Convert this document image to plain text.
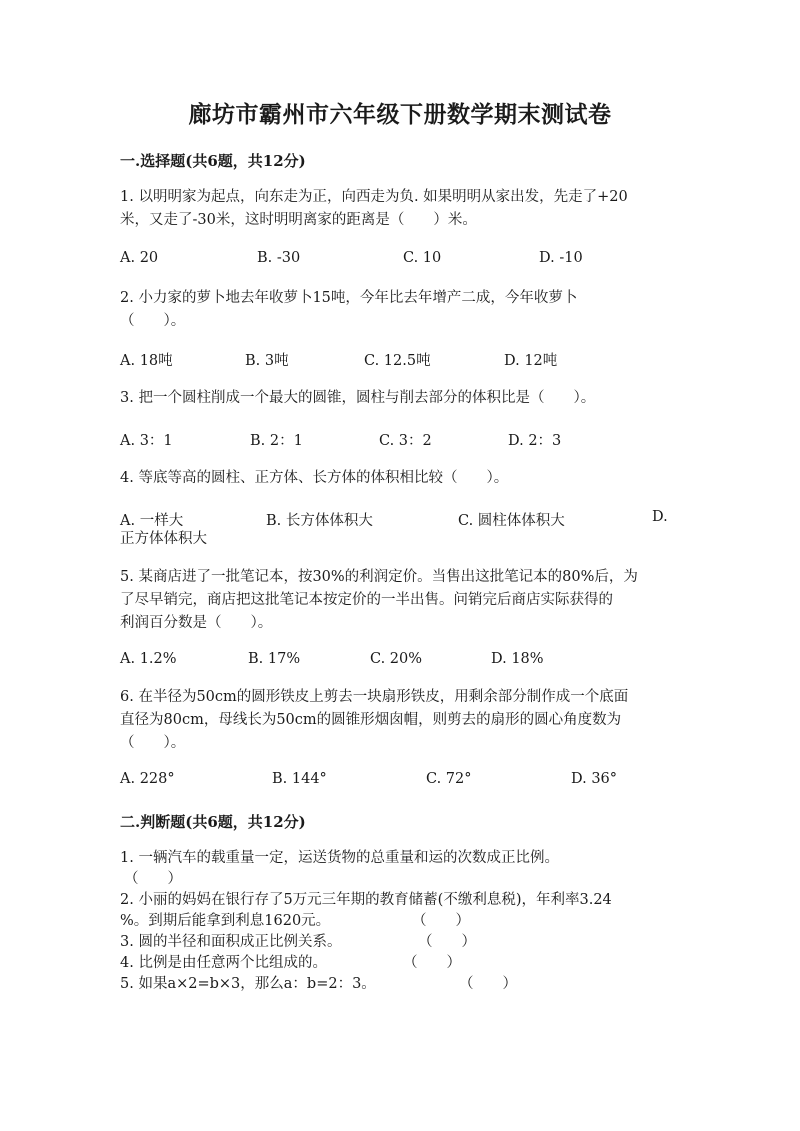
廊坊市霸州市六年级下册数学期末测试卷
一.选择题(共6题，共12分)
1. 以明明家为起点，向东走为正，向西走为负. 如果明明从家出发，先走了+20
米，又走了-30米，这时明明离家的距离是（　　）米。
A. 20	B. -30	C. 10	D. -10
2. 小力家的萝卜地去年收萝卜15吨，今年比去年增产二成，今年收萝卜
（　　）。
A. 18吨	B. 3吨	C. 12.5吨	D. 12吨
3. 把一个圆柱削成一个最大的圆锥，圆柱与削去部分的体积比是（　　）。
A. 3：1	B. 2：1	C. 3：2	D. 2：3
4. 等底等高的圆柱、正方体、长方体的体积相比较（　　）。
A. 一样大	B. 长方体体积大	C. 圆柱体体积大	D.
正方体体积大
5. 某商店进了一批笔记本，按30%的利润定价。当售出这批笔记本的80%后，为
了尽早销完，商店把这批笔记本按定价的一半出售。问销完后商店实际获得的
利润百分数是（　　）。
A. 1.2%	B. 17%	C. 20%	D. 18%
6. 在半径为50cm的圆形铁皮上剪去一块扇形铁皮，用剩余部分制作成一个底面
直径为80cm，母线长为50cm的圆锥形烟囱帽，则剪去的扇形的圆心角度数为
（　　）。
A. 228°	B. 144°	C. 72°	D. 36°
二.判断题(共6题，共12分)
1. 一辆汽车的载重量一定，运送货物的总重量和运的次数成正比例。
（　　）
2. 小丽的妈妈在银行存了5万元三年期的教育储蓄(不缴利息税)，年利率3.24
%。到期后能拿到利息1620元。	（　　）
3. 圆的半径和面积成正比例关系。	（　　）
4. 比例是由任意两个比组成的。	（　　）
5. 如果a×2=b×3，那么a：b=2：3。	（　　）
